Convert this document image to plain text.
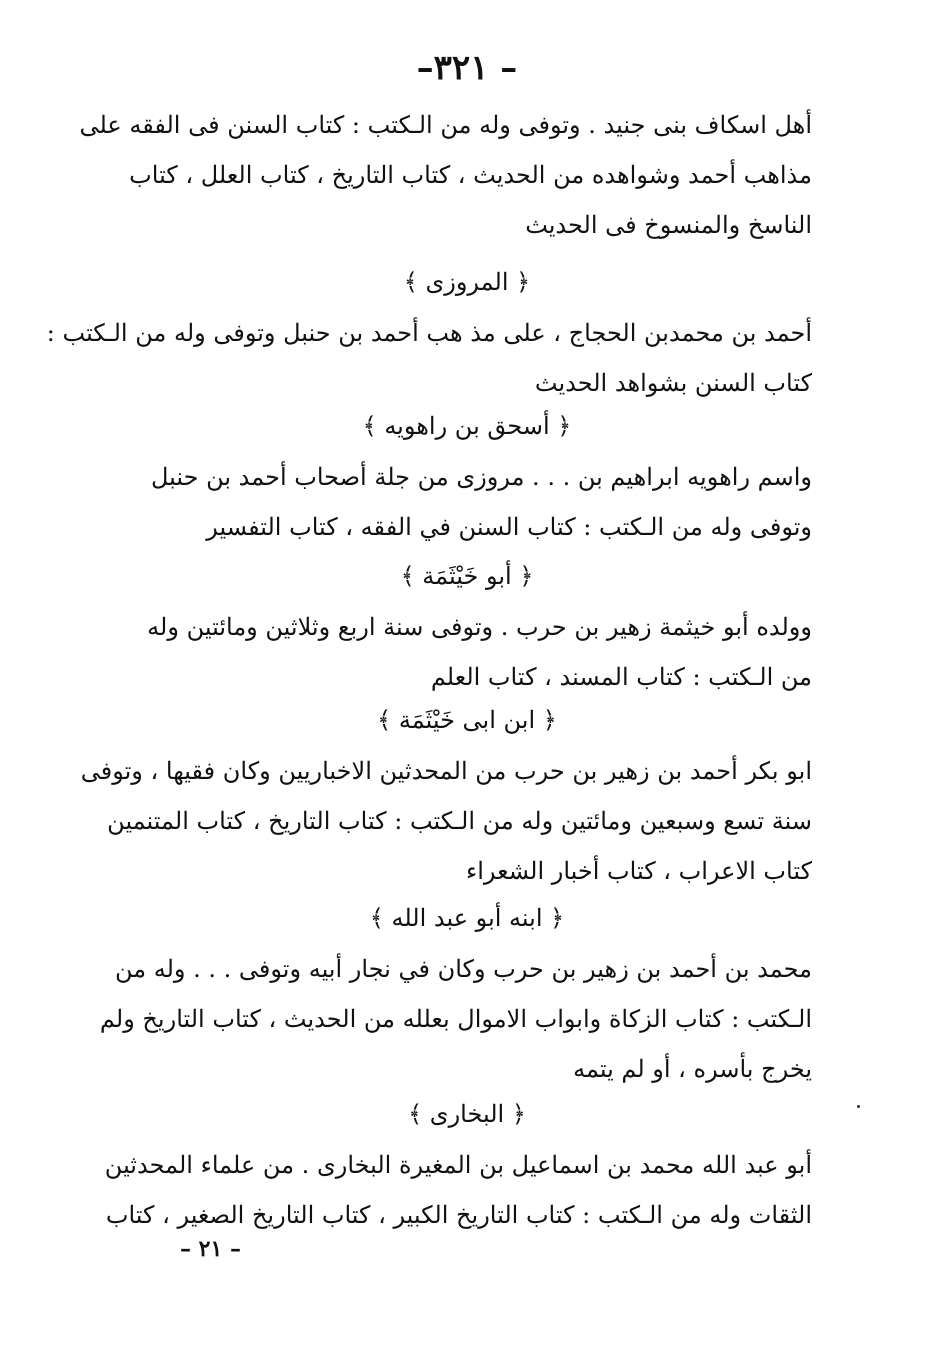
–٣٢١ –
أهل اسكاف بنى جنيد . وتوفى وله من الـكتب : كتاب السنن فى الفقه على
مذاهب أحمد وشواهده من الحديث ، كتاب التاريخ ، كتاب العلل ، كتاب
الناسخ والمنسوخ فى الحديث
﴿ المروزى ﴾
أحمد بن محمدبن الحجاج ، على مذ هب أحمد بن حنبل وتوفى وله من الـكتب :
كتاب السنن بشواهد الحديث
﴿ أسحق بن راهويه ﴾
واسم راهويه ابراهيم بن . . . مروزى من جلة أصحاب أحمد بن حنبل
وتوفى وله من الـكتب : كتاب السنن في الفقه ، كتاب التفسير
﴿ أبو خَيْثَمَة ﴾
وولده أبو خيثمة زهير بن حرب . وتوفى سنة اربع وثلاثين ومائتين وله
من الـكتب : كتاب المسند ، كتاب العلم
﴿ ابن ابى خَيْثَمَة ﴾
ابو بكر أحمد بن زهير بن حرب من المحدثين الاخباريين وكان فقيها ، وتوفى
سنة تسع وسبعين ومائتين وله من الـكتب : كتاب التاريخ ، كتاب المتنمين
كتاب الاعراب ، كتاب أخبار الشعراء
﴿ ابنه أبو عبد الله ﴾
محمد بن أحمد بن زهير بن حرب وكان في نجار أبيه وتوفى . . . وله من
الـكتب : كتاب الزكاة وابواب الاموال بعلله من الحديث ، كتاب التاريخ ولم
يخرج بأسره ، أو لم يتمه
﴿ البخارى ﴾
أبو عبد الله محمد بن اسماعيل بن المغيرة البخارى . من علماء المحدثين
الثقات وله من الـكتب : كتاب التاريخ الكبير ، كتاب التاريخ الصغير ، كتاب
– ٢١ –
